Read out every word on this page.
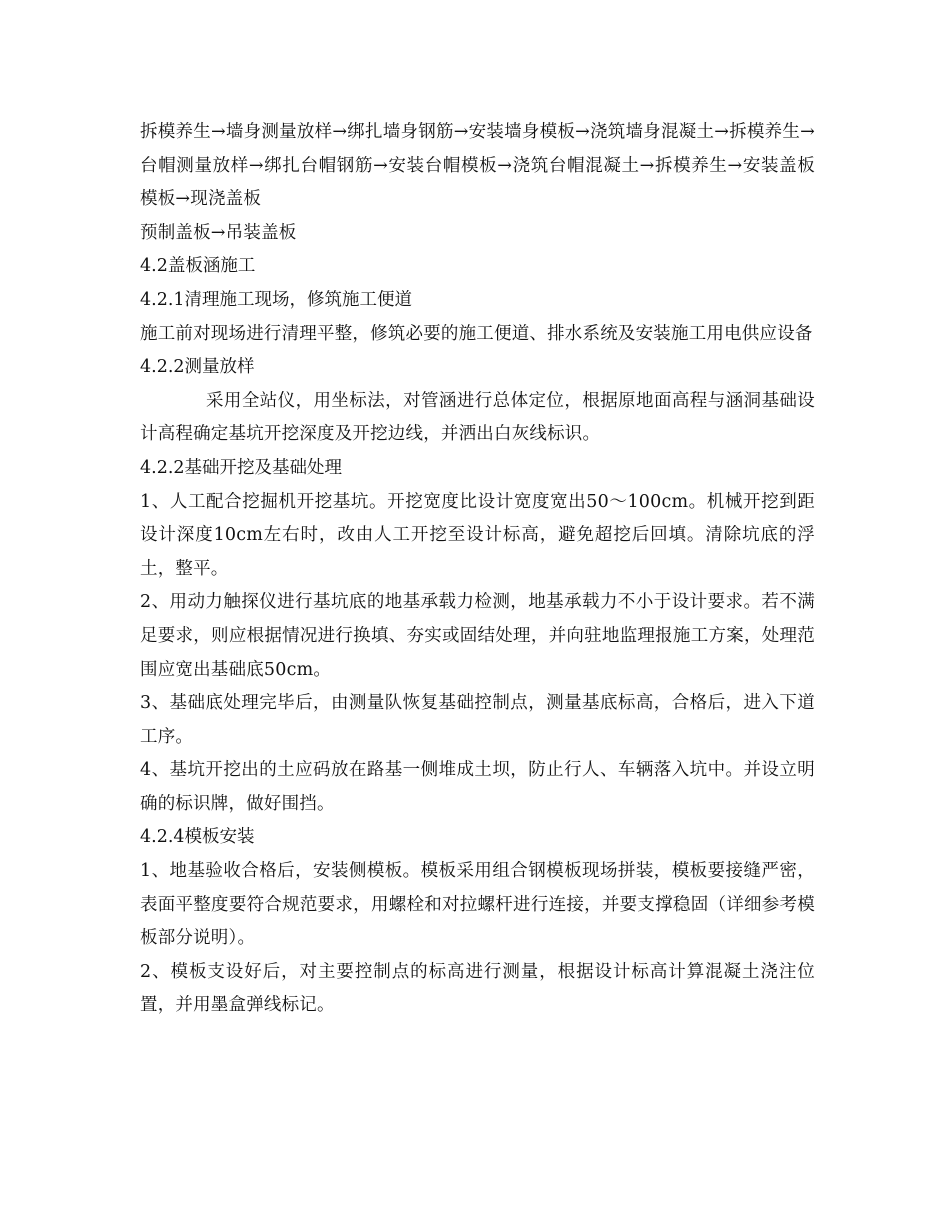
拆模养生→墙身测量放样→绑扎墙身钢筋→安装墙身模板→浇筑墙身混凝土→拆模养生→台帽测量放样→绑扎台帽钢筋→安装台帽模板→浇筑台帽混凝土→拆模养生→安装盖板模板→现浇盖板

预制盖板→吊装盖板

4.2盖板涵施工

4.2.1清理施工现场，修筑施工便道

施工前对现场进行清理平整，修筑必要的施工便道、排水系统及安装施工用电供应设备

4.2.2测量放样

采用全站仪，用坐标法，对管涵进行总体定位，根据原地面高程与涵洞基础设计高程确定基坑开挖深度及开挖边线，并洒出白灰线标识。

4.2.2基础开挖及基础处理

1、人工配合挖掘机开挖基坑。开挖宽度比设计宽度宽出50～100cm。机械开挖到距设计深度10cm左右时，改由人工开挖至设计标高，避免超挖后回填。清除坑底的浮土，整平。

2、用动力触探仪进行基坑底的地基承载力检测，地基承载力不小于设计要求。若不满足要求，则应根据情况进行换填、夯实或固结处理，并向驻地监理报施工方案，处理范围应宽出基础底50cm。

3、基础底处理完毕后，由测量队恢复基础控制点，测量基底标高，合格后，进入下道工序。

4、基坑开挖出的土应码放在路基一侧堆成土坝，防止行人、车辆落入坑中。并设立明确的标识牌，做好围挡。

4.2.4模板安装

1、地基验收合格后，安装侧模板。模板采用组合钢模板现场拼装，模板要接缝严密，表面平整度要符合规范要求，用螺栓和对拉螺杆进行连接，并要支撑稳固（详细参考模板部分说明）。

2、模板支设好后，对主要控制点的标高进行测量，根据设计标高计算混凝土浇注位置，并用墨盒弹线标记。
